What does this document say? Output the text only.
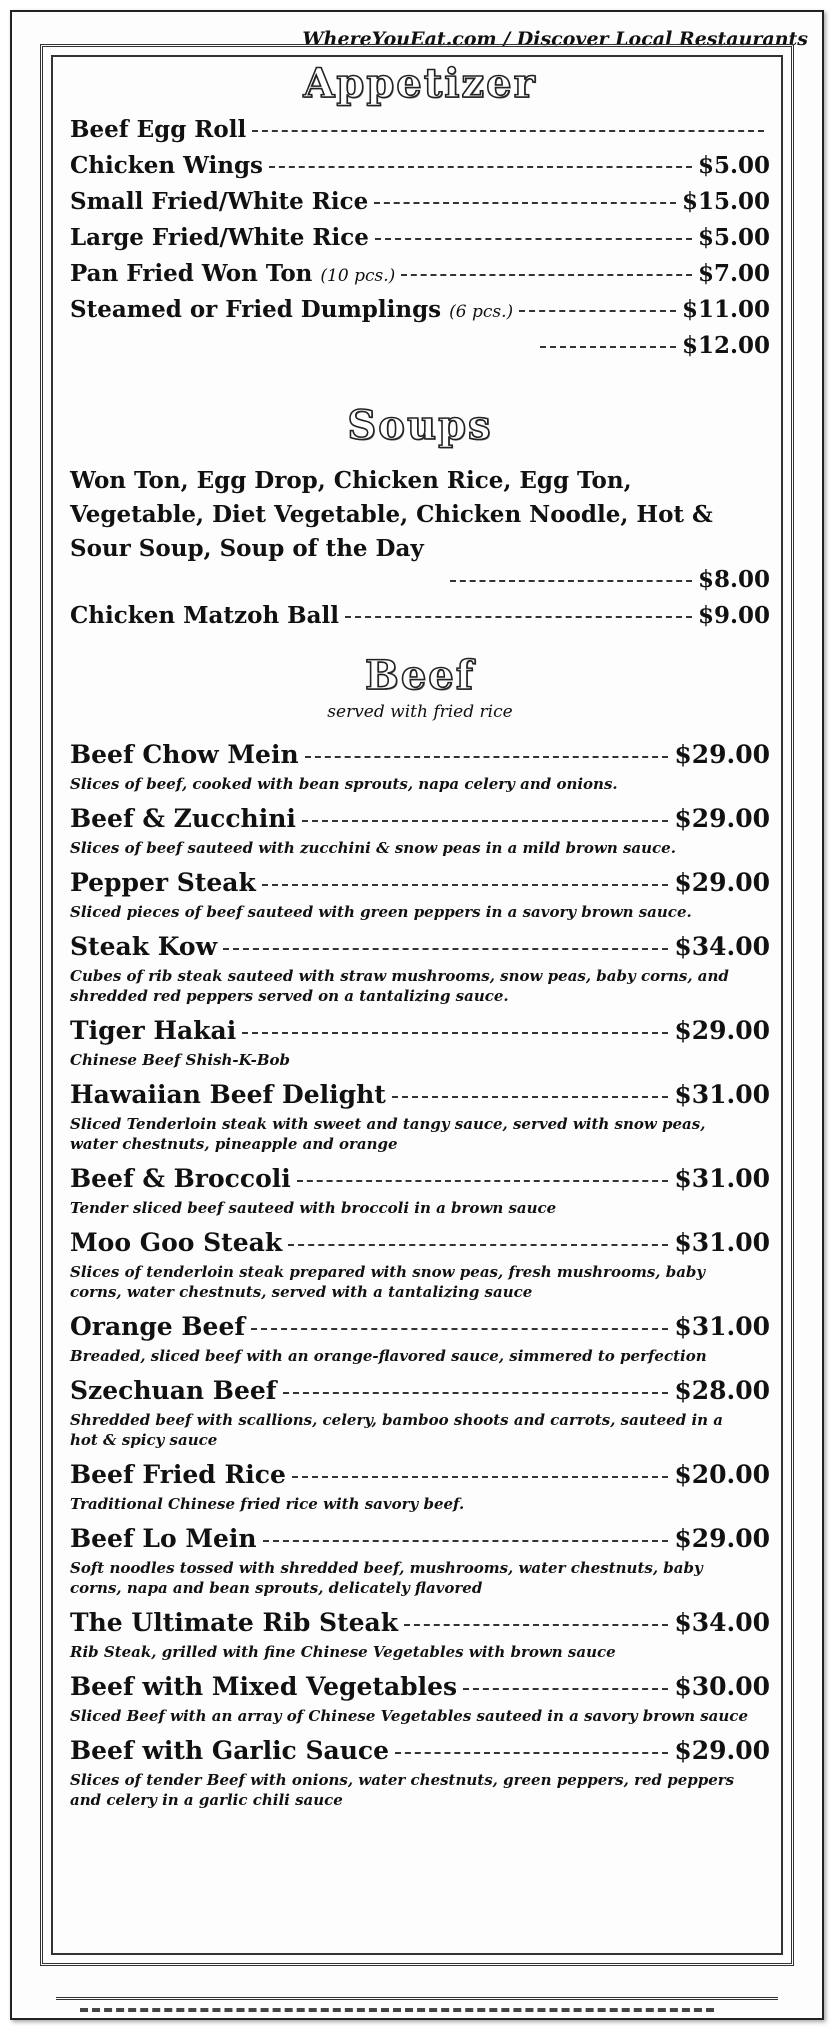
WhereYouEat.com / Discover Local Restaurants
Appetizer
Beef Egg Roll
Chicken Wings	$5.00
Small Fried/White Rice	$15.00
Large Fried/White Rice	$5.00
Pan Fried Won Ton (10 pcs.)	$7.00
Steamed or Fried Dumplings (6 pcs.)	$11.00
$12.00
Soups
Won Ton, Egg Drop, Chicken Rice, Egg Ton, Vegetable, Diet Vegetable, Chicken Noodle, Hot & Sour Soup, Soup of the Day
$8.00
Chicken Matzoh Ball	$9.00
Beef
served with fried rice
Beef Chow Mein	$29.00
Slices of beef, cooked with bean sprouts, napa celery and onions.
Beef & Zucchini	$29.00
Slices of beef sauteed with zucchini & snow peas in a mild brown sauce.
Pepper Steak	$29.00
Sliced pieces of beef sauteed with green peppers in a savory brown sauce.
Steak Kow	$34.00
Cubes of rib steak sauteed with straw mushrooms, snow peas, baby corns, and shredded red peppers served on a tantalizing sauce.
Tiger Hakai	$29.00
Chinese Beef Shish-K-Bob
Hawaiian Beef Delight	$31.00
Sliced Tenderloin steak with sweet and tangy sauce, served with snow peas, water chestnuts, pineapple and orange
Beef & Broccoli	$31.00
Tender sliced beef sauteed with broccoli in a brown sauce
Moo Goo Steak	$31.00
Slices of tenderloin steak prepared with snow peas, fresh mushrooms, baby corns, water chestnuts, served with a tantalizing sauce
Orange Beef	$31.00
Breaded, sliced beef with an orange-flavored sauce, simmered to perfection
Szechuan Beef	$28.00
Shredded beef with scallions, celery, bamboo shoots and carrots, sauteed in a hot & spicy sauce
Beef Fried Rice	$20.00
Traditional Chinese fried rice with savory beef.
Beef Lo Mein	$29.00
Soft noodles tossed with shredded beef, mushrooms, water chestnuts, baby corns, napa and bean sprouts, delicately flavored
The Ultimate Rib Steak	$34.00
Rib Steak, grilled with fine Chinese Vegetables with brown sauce
Beef with Mixed Vegetables	$30.00
Sliced Beef with an array of Chinese Vegetables sauteed in a savory brown sauce
Beef with Garlic Sauce	$29.00
Slices of tender Beef with onions, water chestnuts, green peppers, red peppers and celery in a garlic chili sauce
